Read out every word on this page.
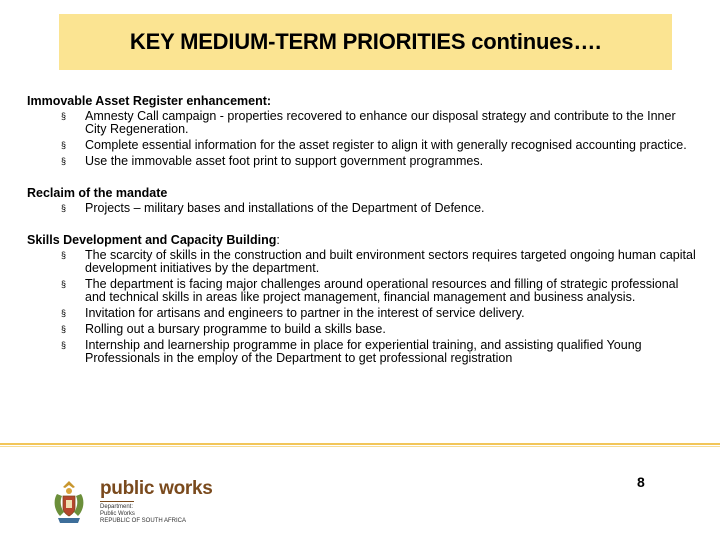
KEY MEDIUM-TERM PRIORITIES continues….

Immovable Asset Register enhancement:

§ Amnesty Call campaign - properties recovered to enhance our disposal strategy and contribute to the Inner City Regeneration.
§ Complete essential information for the asset register to align it with generally recognised accounting practice.
§ Use the immovable asset foot print to support government programmes.

Reclaim of the mandate

§ Projects – military bases and installations of the Department of Defence.

Skills Development and Capacity Building:

§ The scarcity of skills in the construction and built environment sectors requires targeted ongoing human capital development initiatives by the department.
§ The department is facing major challenges around operational resources and filling of strategic professional and technical skills in areas like project management, financial management and business analysis.
§ Invitation for artisans and engineers to partner in the interest of service delivery.
§ Rolling out a bursary programme to build a skills base.
§ Internship and learnership programme in place for experiential training, and assisting qualified Young Professionals in the employ of the Department to get professional registration
public works
Department:
Public Works
REPUBLIC OF SOUTH AFRICA
8
